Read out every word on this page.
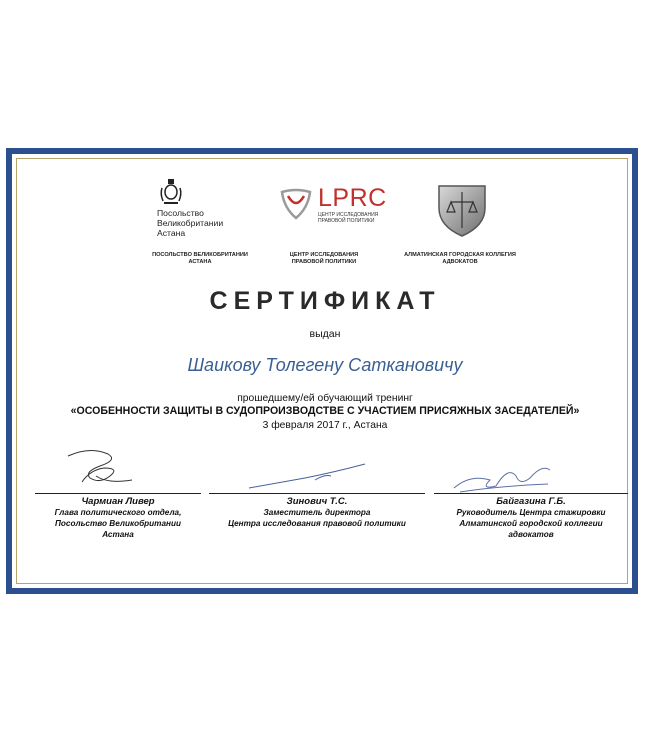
Посольство
Великобритании
Астана
LPRC
ЦЕНТР ИССЛЕДОВАНИЯ
ПРАВОВОЙ ПОЛИТИКИ
ПОСОЛЬСТВО ВЕЛИКОБРИТАНИИ
АСТАНА
ЦЕНТР ИССЛЕДОВАНИЯ
ПРАВОВОЙ ПОЛИТИКИ
АЛМАТИНСКАЯ ГОРОДСКАЯ КОЛЛЕГИЯ
АДВОКАТОВ
СЕРТИФИКАТ
выдан
Шаикову Толегену Саткановичу
прошедшему/ей обучающий тренинг
«ОСОБЕННОСТИ ЗАЩИТЫ В СУДОПРОИЗВОДСТВЕ С УЧАСТИЕМ ПРИСЯЖНЫХ ЗАСЕДАТЕЛЕЙ»
3 февраля 2017 г., Астана
Чармиан Ливер
Глава политического отдела,
Посольство Великобритании
Астана
Зинович Т.С.
Заместитель директора
Центра исследования правовой политики
Байгазина Г.Б.
Руководитель Центра стажировки
Алматинской городской коллегии
адвокатов
